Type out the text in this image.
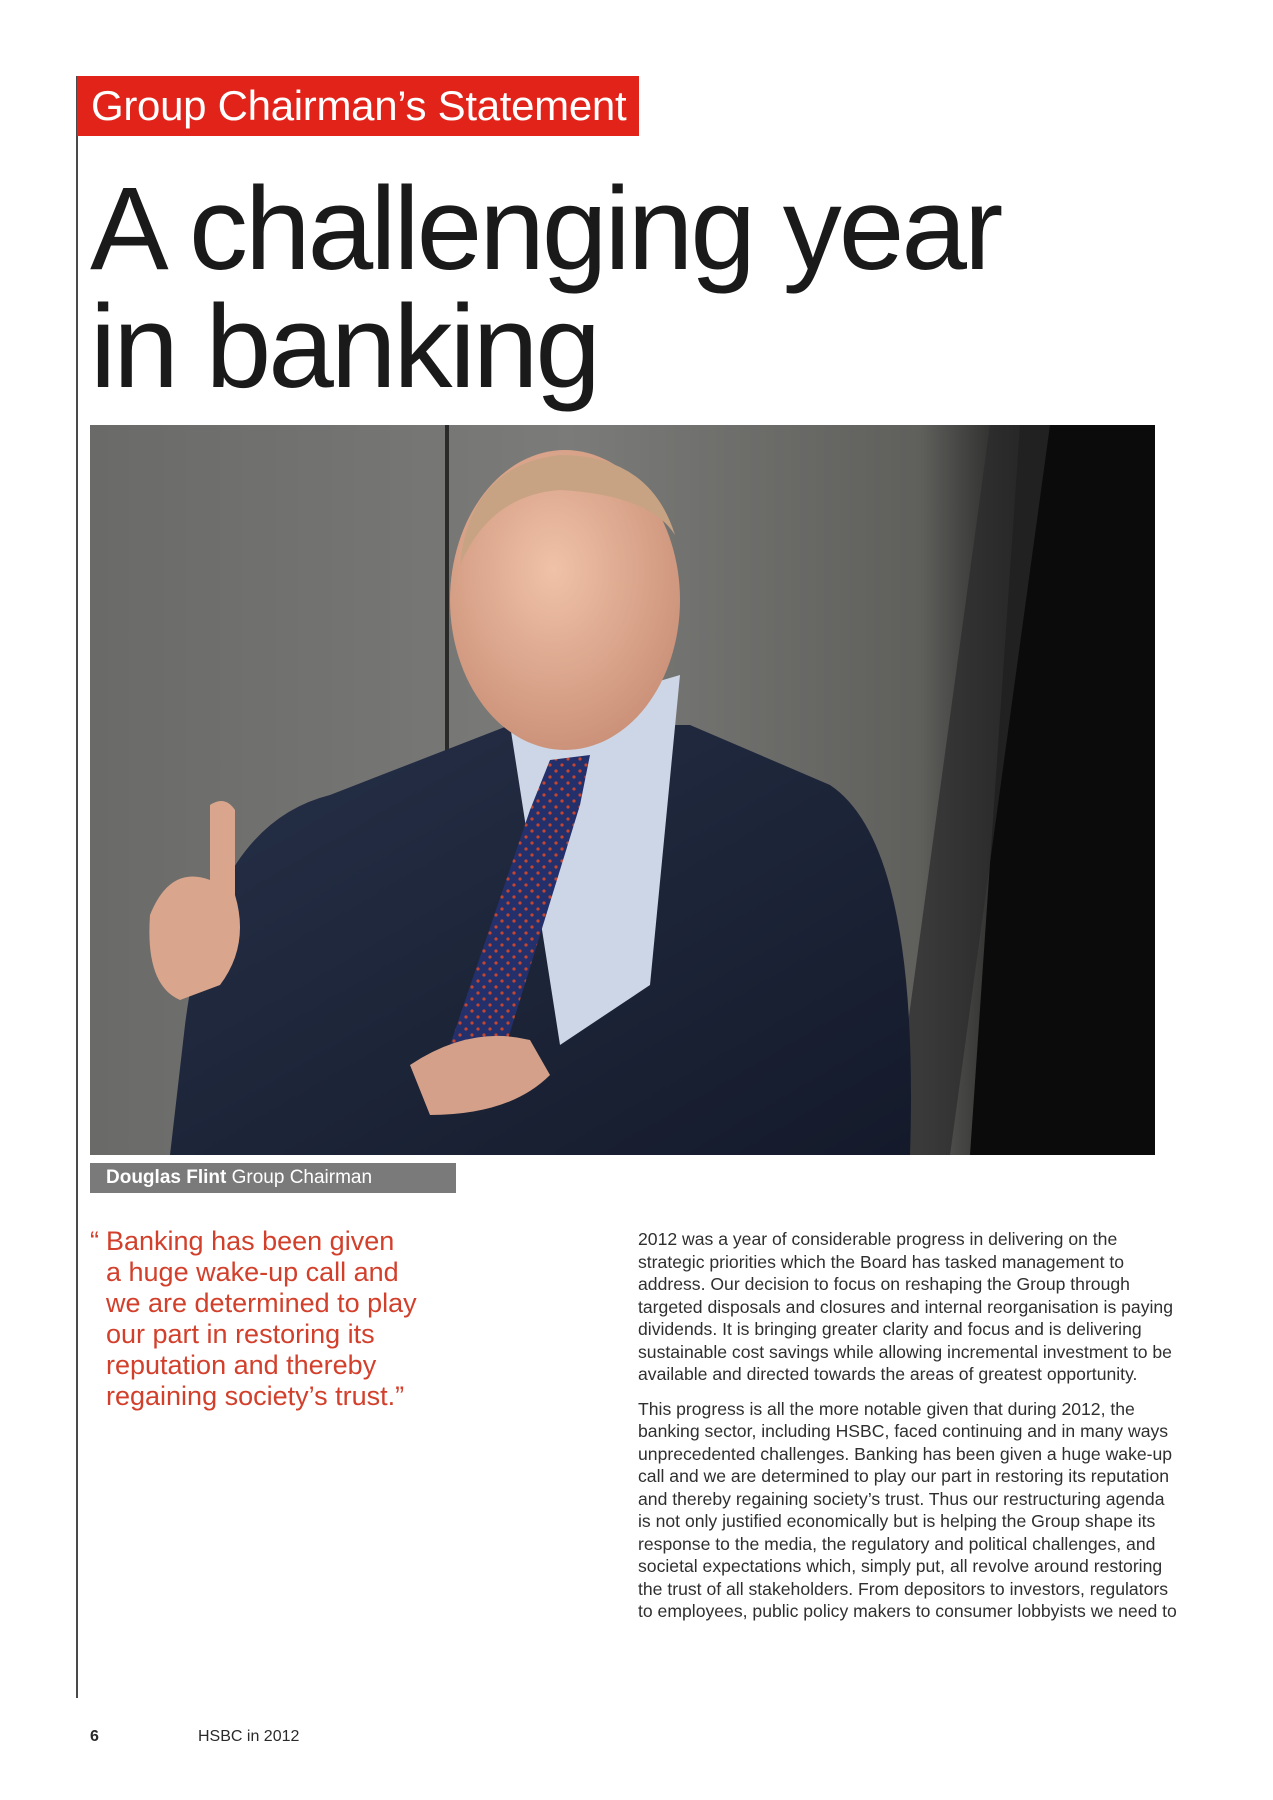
Group Chairman’s Statement
A challenging year
in banking
Douglas Flint Group Chairman
“ Banking has been given
a huge wake-up call and
we are determined to play
our part in restoring its
reputation and thereby
regaining society’s trust.”

2012 was a year of considerable progress in delivering on the strategic priorities which the Board has tasked management to address. Our decision to focus on reshaping the Group through targeted disposals and closures and internal reorganisation is paying dividends. It is bringing greater clarity and focus and is delivering sustainable cost savings while allowing incremental investment to be available and directed towards the areas of greatest opportunity.

This progress is all the more notable given that during 2012, the banking sector, including HSBC, faced continuing and in many ways unprecedented challenges. Banking has been given a huge wake-up call and we are determined to play our part in restoring its reputation and thereby regaining society’s trust. Thus our restructuring agenda is not only justified economically but is helping the Group shape its response to the media, the regulatory and political challenges, and societal expectations which, simply put, all revolve around restoring the trust of all stakeholders. From depositors to investors, regulators to employees, public policy makers to consumer lobbyists we need to

6	HSBC in 2012
